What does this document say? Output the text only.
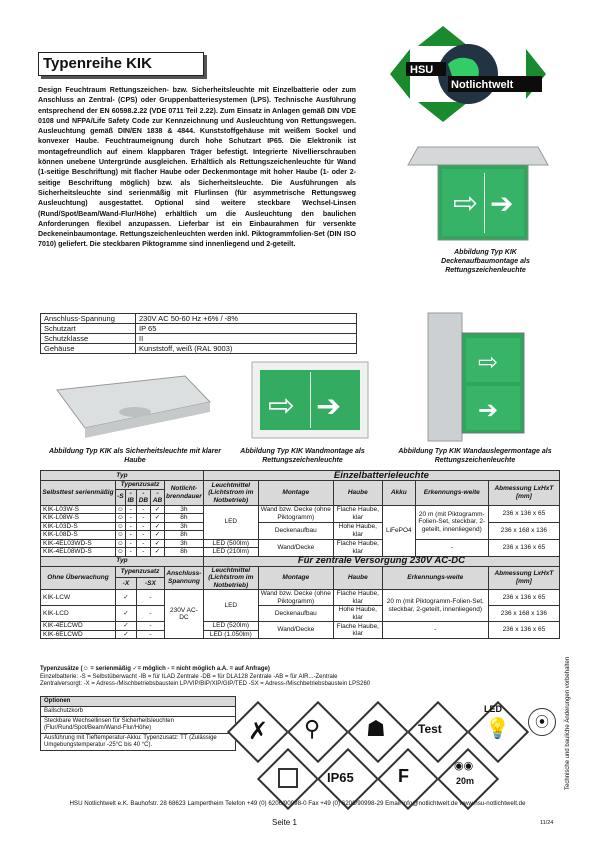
Typenreihe KIK	HSU
Notlichtwelt
Design Feuchtraum Rettungszeichen- bzw. Sicherheitsleuchte mit Einzelbatterie oder zum Anschluss an Zentral- (CPS) oder Gruppenbatteriesystemen (LPS). Technische Ausführung entsprechend der EN 60598.2.22 (VDE 0711 Teil 2.22). Zum Einsatz in Anlagen gemäß DIN VDE 0108 und NFPA/Life Safety Code zur Kennzeichnung und Ausleuchtung von Rettungswegen. Ausleuchtung gemäß DIN/EN 1838 & 4844. Kunststoffgehäuse mit weißem Sockel und konvexer Haube. Feuchtraumeignung durch hohe Schutzart IP65. Die Elektronik ist montagefreundlich auf einem klappbaren Träger befestigt. Integrierte Nivellierschrauben können unebene Untergründe ausgleichen. Erhältlich als Rettungszeichenleuchte für Wand (1-seitige Beschriftung) mit flacher Haube oder Deckenmontage mit hoher Haube (1- oder 2-seitige Beschriftung möglich) bzw. als Sicherheitsleuchte. Die Ausführungen als Sicherheitsleuchte sind serienmäßig mit Flurlinsen (für asymmetrische Rettungsweg Ausleuchtung) ausgestattet. Optional sind weitere steckbare Wechsel-Linsen (Rund/Spot/Beam/Wand-Flur/Höhe) erhältlich um die Ausleuchtung den baulichen Anforderungen flexibel anzupassen. Lieferbar ist ein Einbaurahmen für versenkte Deckeneinbaumontage. Rettungszeichenleuchten werden inkl. Piktogrammfolien-Set (DIN ISO 7010) geliefert. Die steckbaren Piktogramme sind innenliegend und 2-geteilt.
⇨ ➔
Abbildung Typ KIK Deckenaufbaumontage als Rettungszeichenleuchte
Anschluss-Spannung	230V AC 50-60 Hz +6% / -8%
Schutzart	IP 65
Schutzklasse	II
Gehäuse	Kunststoff, weiß (RAL 9003)	⇨
➔
⇨ ➔
Abbildung Typ KIK als Sicherheitsleuchte mit klarer Haube
Abbildung Typ KIK Wandmontage als Rettungszeichenleuchte
Abbildung Typ KIK Wandauslegermontage als Rettungszeichenleuchte
Typ						Einzelbatterieleuchte					
Selbsttest serienmäßig	Typenzusatz				Notlicht-brenndauer	Leuchtmittel (Lichtstrom im Notbetrieb)	Montage	Haube	Akku	Erkennungs-weite	Abmessung LxHxT [mm]
	-S	-IB	-DB	-AB							
KIK-L03W-S	☺	-	-	✓	3h	LED	Wand bzw. Decke (ohne Piktogramm)	Flache Haube, klar	LiFePO4	20 m (mit Piktogramm-Folien-Set, steckbar, 2-geteilt, innenliegend)	236 x 136 x 65
KIK-L08W-S	☺	-	-	✓	8h						
KIK-L03D-S	☺	-	-	✓	3h		Deckenaufbau	Hohe Haube, klar			236 x 168 x 136
KIK-L08D-S	☺	-	-	✓	8h						
KIK-4EL03WD-S	☺	-	-	✓	3h	LED (500lm)	Wand/Decke	Flache Haube, klar		-	236 x 136 x 65
KIK-4EL08WD-S	☺	-	-	✓	8h	LED (210lm)					
Typ						Für zentrale Versorgung 230V AC-DC					
Ohne Überwachung	Typenzusatz				Anschluss-Spannung	Leuchtmittel (Lichtstrom im Notbetrieb)	Montage	Haube	Erkennungs-weite		Abmessung LxHxT [mm]
	-X		-SX								
KIK-LCW	✓		-		230V AC-DC	LED	Wand bzw. Decke (ohne Piktogramm)	Flache Haube, klar	20 m (mit Piktogramm-Folien-Set, steckbar, 2-geteilt, innenliegend)		236 x 136 x 65
KIK-LCD	✓		-				Deckenaufbau	Hohe Haube, klar			236 x 168 x 136
KIK-4ELCWD	✓		-			LED (520lm)	Wand/Decke	Flache Haube, klar	-		236 x 136 x 65
KIK-6ELCWD	✓		-			LED (1.050lm)					
Typenzusätze (☺ = serienmäßig ✓= möglich - = nicht möglich a.A. = auf Anfrage)
Einzelbatterie: -S = Selbstüberwacht -IB = für ILAD Zentrale -DB = für DLA128 Zentrale -AB = für AIR...-Zentrale
Zentralversorgt: -X = Adress-/Mischbetriebsbaustein LP/VIP/BIP/XIP/GIP/TED -SX = Adress-/Mischbetriebsbaustein LPS260
Optionen
Ballschutzkorb
Steckbare Wechsellinsen für Sicherheitsleuchten (Flur/Rund/Spot/Beam/Wand-Flur/Höhe)
Ausführung mit Tieftemperatur-Akku: Typenzusatz: TT (Zulässige Umgebungstemperatur -25°C bis 40 °C).	✗ ⚲ ☗	Test
LED
💡	⦿
IP65 F	◉◉
20m	Technische und bauliche Änderungen vorbehalten
HSU Notlichtwelt e.K. Bauhofstr. 28 68623 Lampertheim Telefon +49 (0) 6206/90998-0 Fax +49 (0) 6206/90998-29 Email info@notlichtwelt.de www.hsu-notlichtwelt.de
Seite 1	11/24
